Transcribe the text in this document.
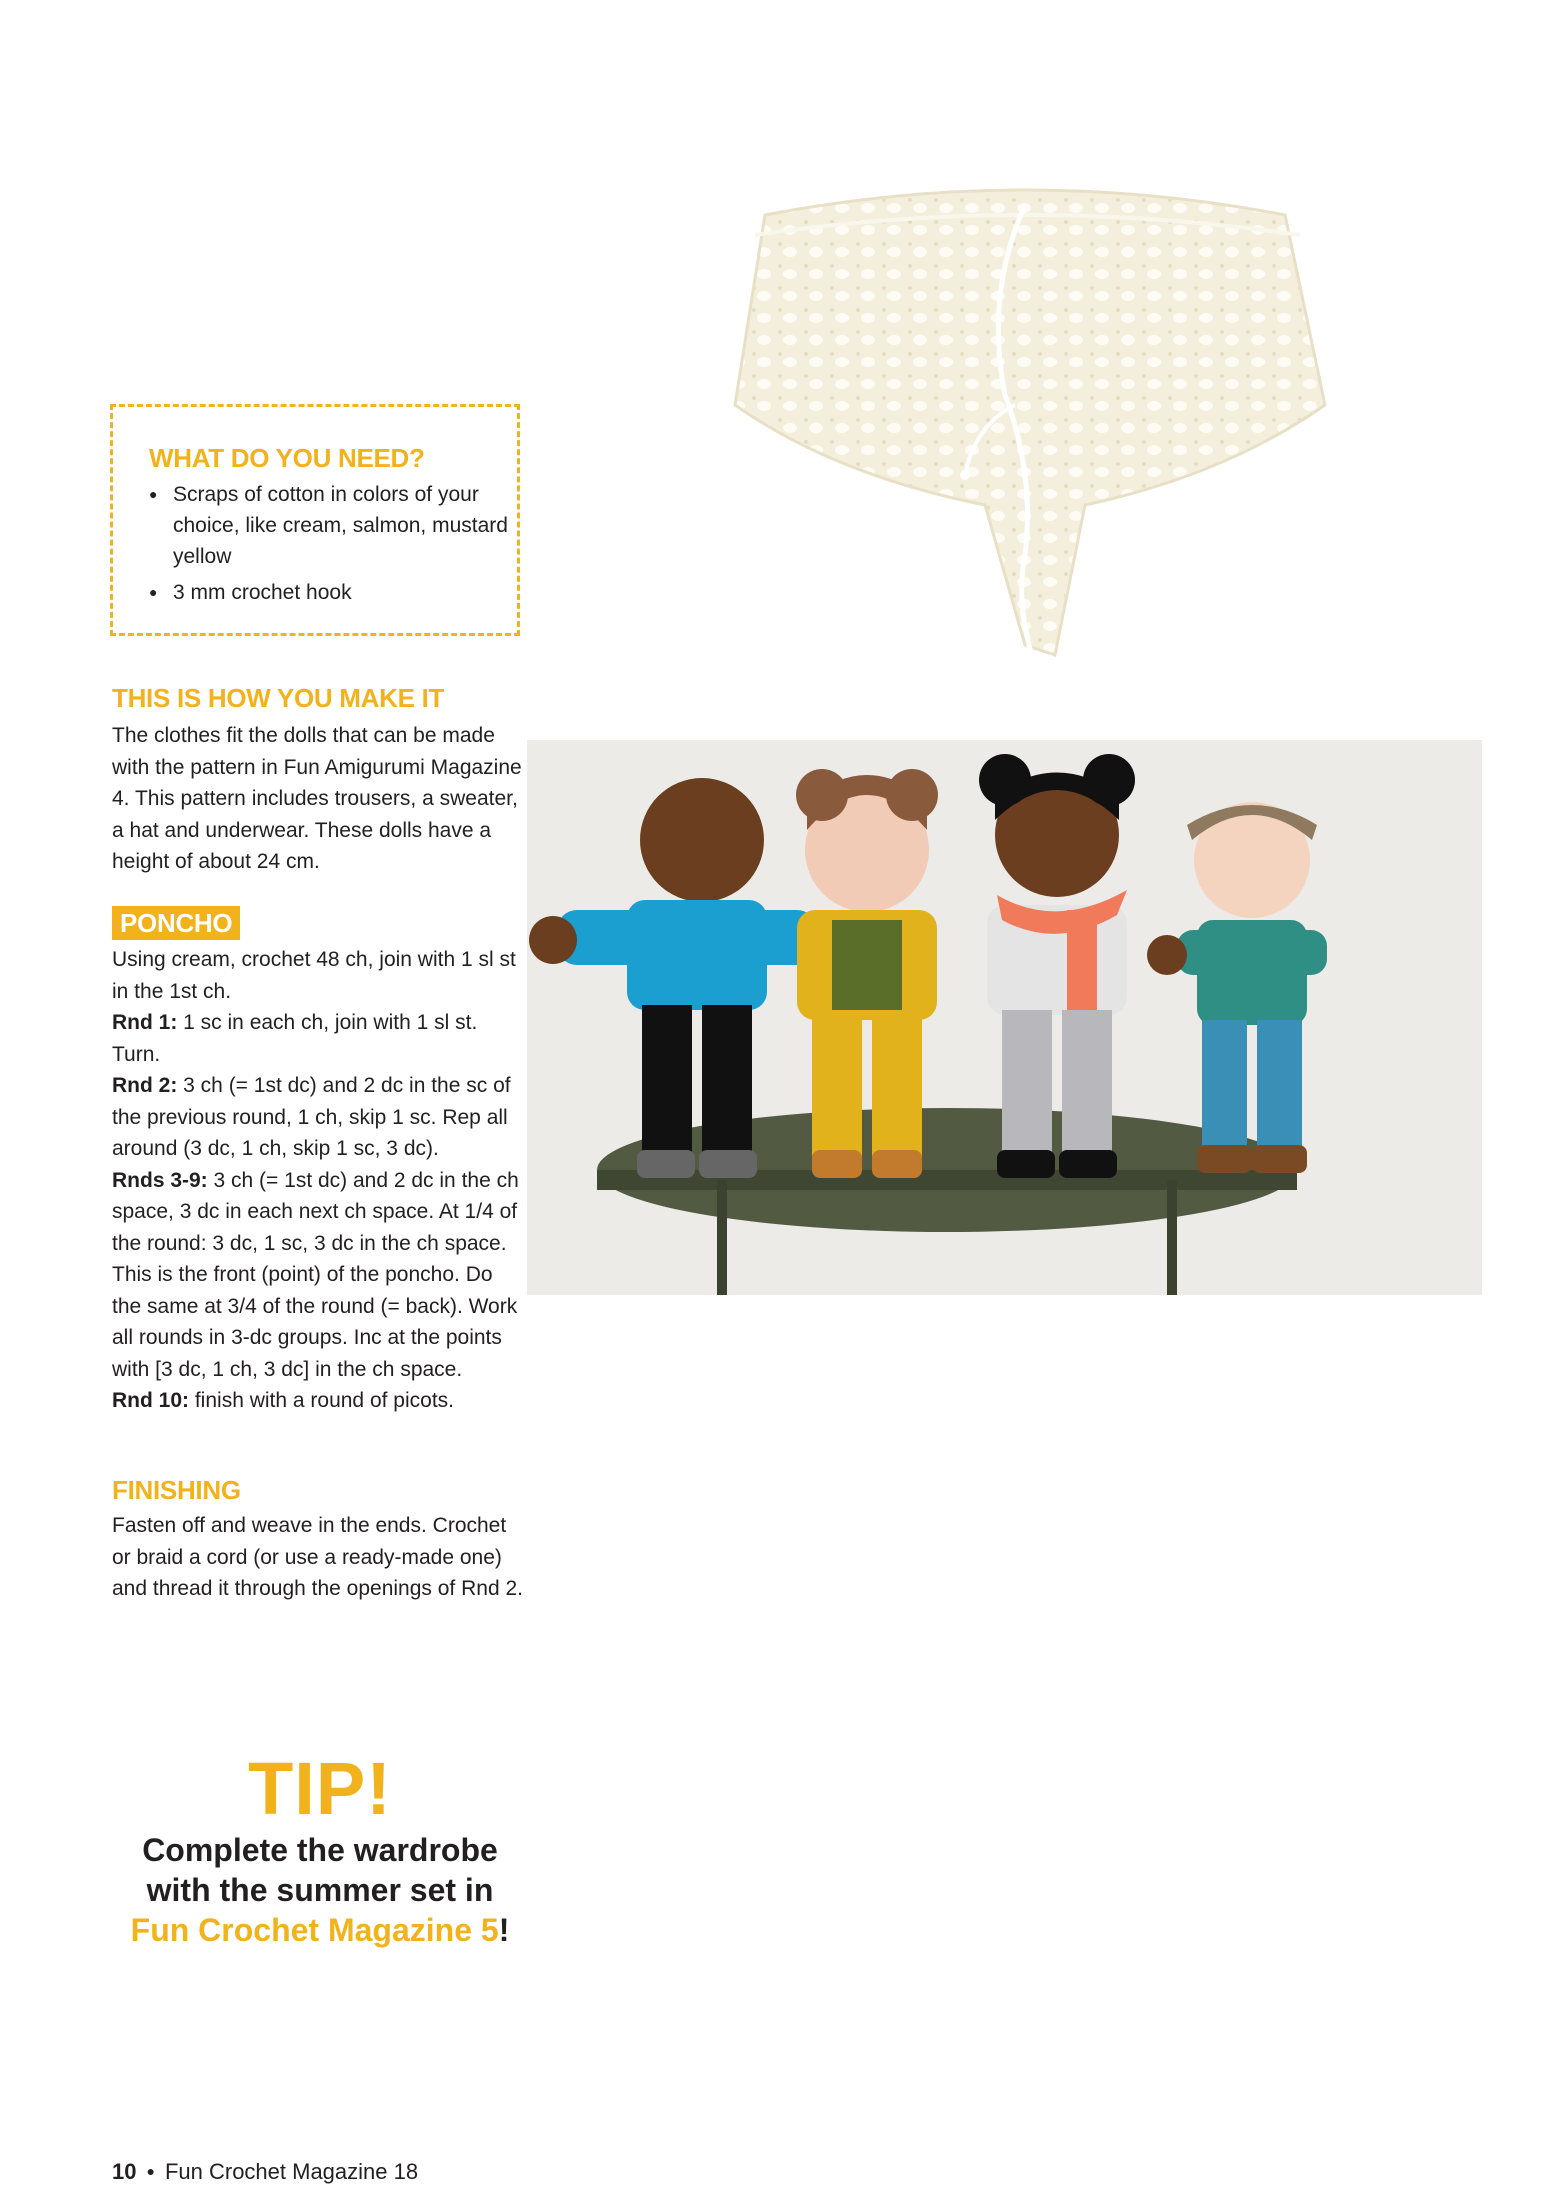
WHAT DO YOU NEED?
● Scraps of cotton in colors of your choice, like cream, salmon, mustard yellow
● 3 mm crochet hook
THIS IS HOW YOU MAKE IT

The clothes fit the dolls that can be made with the pattern in Fun Amigurumi Magazine 4. This pattern includes trousers, a sweater, a hat and underwear. These dolls have a height of about 24 cm.

PONCHO

Using cream, crochet 48 ch, join with 1 sl st in the 1st ch.

Rnd 1: 1 sc in each ch, join with 1 sl st. Turn.

Rnd 2: 3 ch (= 1st dc) and 2 dc in the sc of the previous round, 1 ch, skip 1 sc. Rep all around (3 dc, 1 ch, skip 1 sc, 3 dc).

Rnds 3-9: 3 ch (= 1st dc) and 2 dc in the ch space, 3 dc in each next ch space. At 1/4 of the round: 3 dc, 1 sc, 3 dc in the ch space. This is the front (point) of the poncho. Do the same at 3/4 of the round (= back). Work all rounds in 3-dc groups. Inc at the points with [3 dc, 1 ch, 3 dc] in the ch space.

Rnd 10: finish with a round of picots.

FINISHING

Fasten off and weave in the ends. Crochet or braid a cord (or use a ready-made one) and thread it through the openings of Rnd 2.

TIP!
Complete the wardrobe
with the summer set in
Fun Crochet Magazine 5!
10 ● Fun Crochet Magazine 18
